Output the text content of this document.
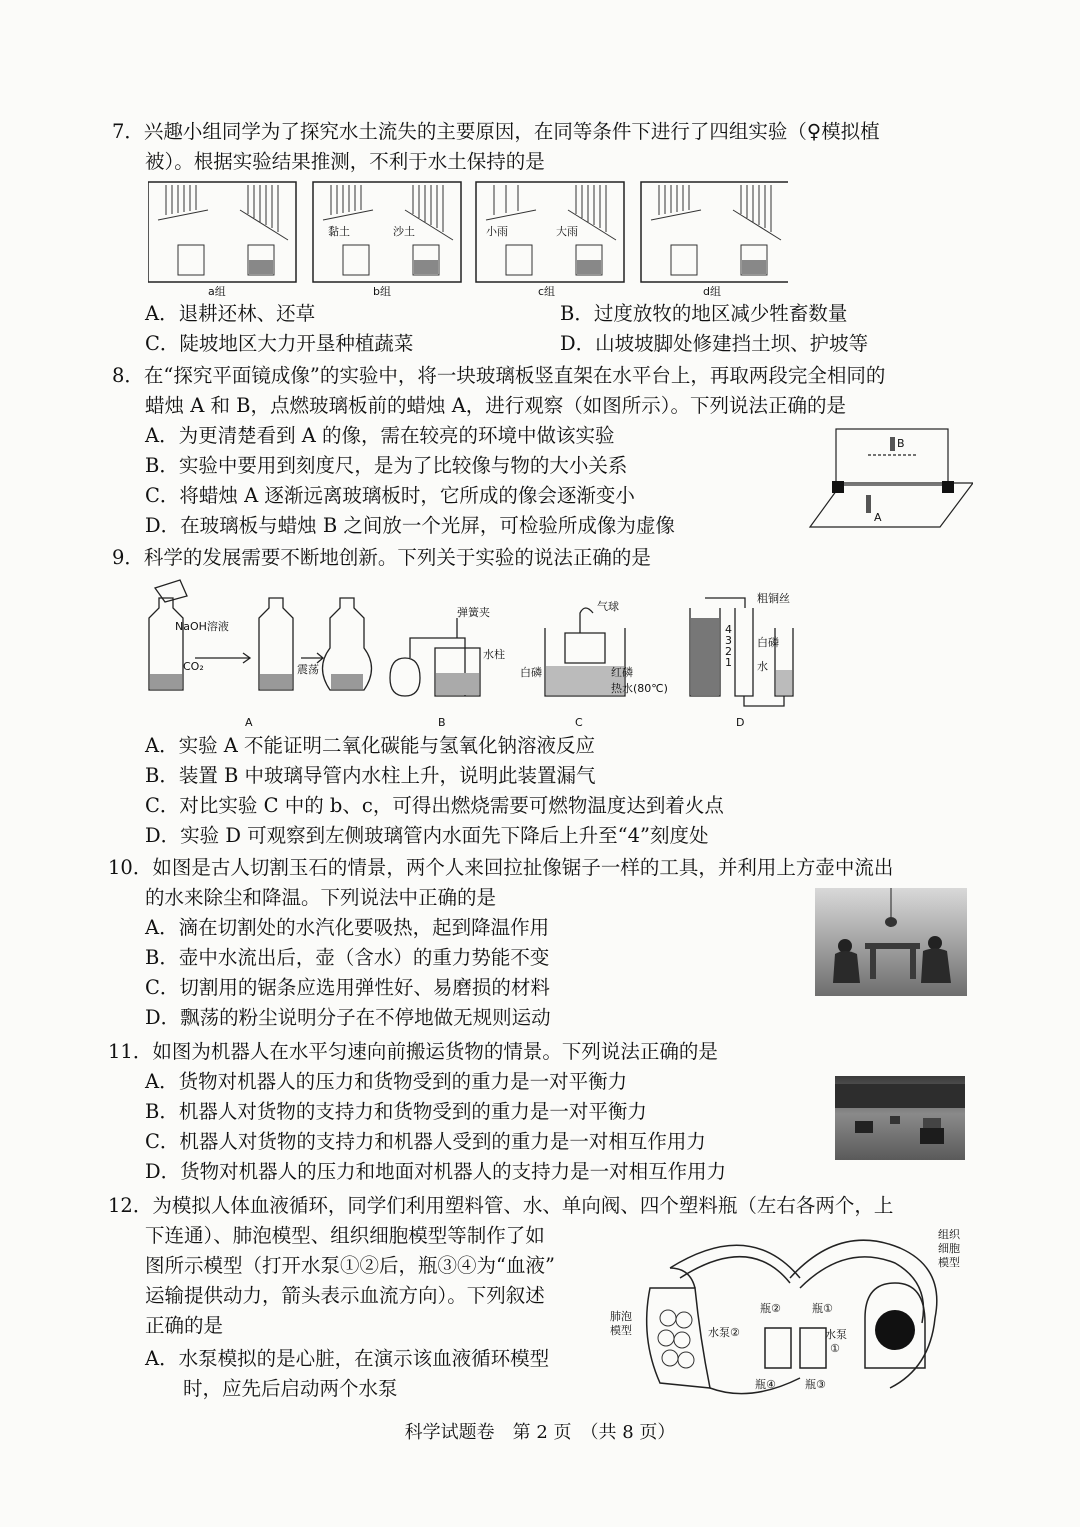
7．兴趣小组同学为了探究水土流失的主要原因，在同等条件下进行了四组实验（♀模拟植
被）。根据实验结果推测，不利于水土保持的是
黏土	沙土	小雨	大雨
a组	b组	c组	d组
A．退耕还林、还草	B．过度放牧的地区减少牲畜数量
C．陡坡地区大力开垦种植蔬菜	D．山坡坡脚处修建挡土坝、护坡等
8．在“探究平面镜成像”的实验中，将一块玻璃板竖直架在水平台上，再取两段完全相同的
蜡烛 A 和 B，点燃玻璃板前的蜡烛 A，进行观察（如图所示）。下列说法正确的是
A．为更清楚看到 A 的像，需在较亮的环境中做该实验
B．实验中要用到刻度尺，是为了比较像与物的大小关系
C．将蜡烛 A 逐渐远离玻璃板时，它所成的像会逐渐变小
D．在玻璃板与蜡烛 B 之间放一个光屏，可检验所成像为虚像
B
A
9．科学的发展需要不断地创新。下列关于实验的说法正确的是
NaOH溶液
CO₂	震荡
弹簧夹
水柱
气球
白磷	红磷
热水(80℃)
粗铜丝
白磷
水
4
3
2
1
A	B	C	D
A．实验 A 不能证明二氧化碳能与氢氧化钠溶液反应
B．装置 B 中玻璃导管内水柱上升，说明此装置漏气
C．对比实验 C 中的 b、c，可得出燃烧需要可燃物温度达到着火点
D．实验 D 可观察到左侧玻璃管内水面先下降后上升至“4”刻度处
10．如图是古人切割玉石的情景，两个人来回拉扯像锯子一样的工具，并利用上方壶中流出
的水来除尘和降温。下列说法中正确的是
A．滴在切割处的水汽化要吸热，起到降温作用
B．壶中水流出后，壶（含水）的重力势能不变
C．切割用的锯条应选用弹性好、易磨损的材料
D．飘荡的粉尘说明分子在不停地做无规则运动
11．如图为机器人在水平匀速向前搬运货物的情景。下列说法正确的是
A．货物对机器人的压力和货物受到的重力是一对平衡力
B．机器人对货物的支持力和货物受到的重力是一对平衡力
C．机器人对货物的支持力和机器人受到的重力是一对相互作用力
D．货物对机器人的压力和地面对机器人的支持力是一对相互作用力
12．为模拟人体血液循环，同学们利用塑料管、水、单向阀、四个塑料瓶（左右各两个，上
下连通）、肺泡模型、组织细胞模型等制作了如
图所示模型（打开水泵①②后，瓶③④为“血液”
运输提供动力，箭头表示血流方向）。下列叙述
正确的是
A．水泵模拟的是心脏，在演示该血液循环模型
时，应先后启动两个水泵
组织
细胞
模型
肺泡
模型
瓶②	瓶①
水泵②	水泵
①
瓶④	瓶③
科学试题卷　第 2 页　（共 8 页）
